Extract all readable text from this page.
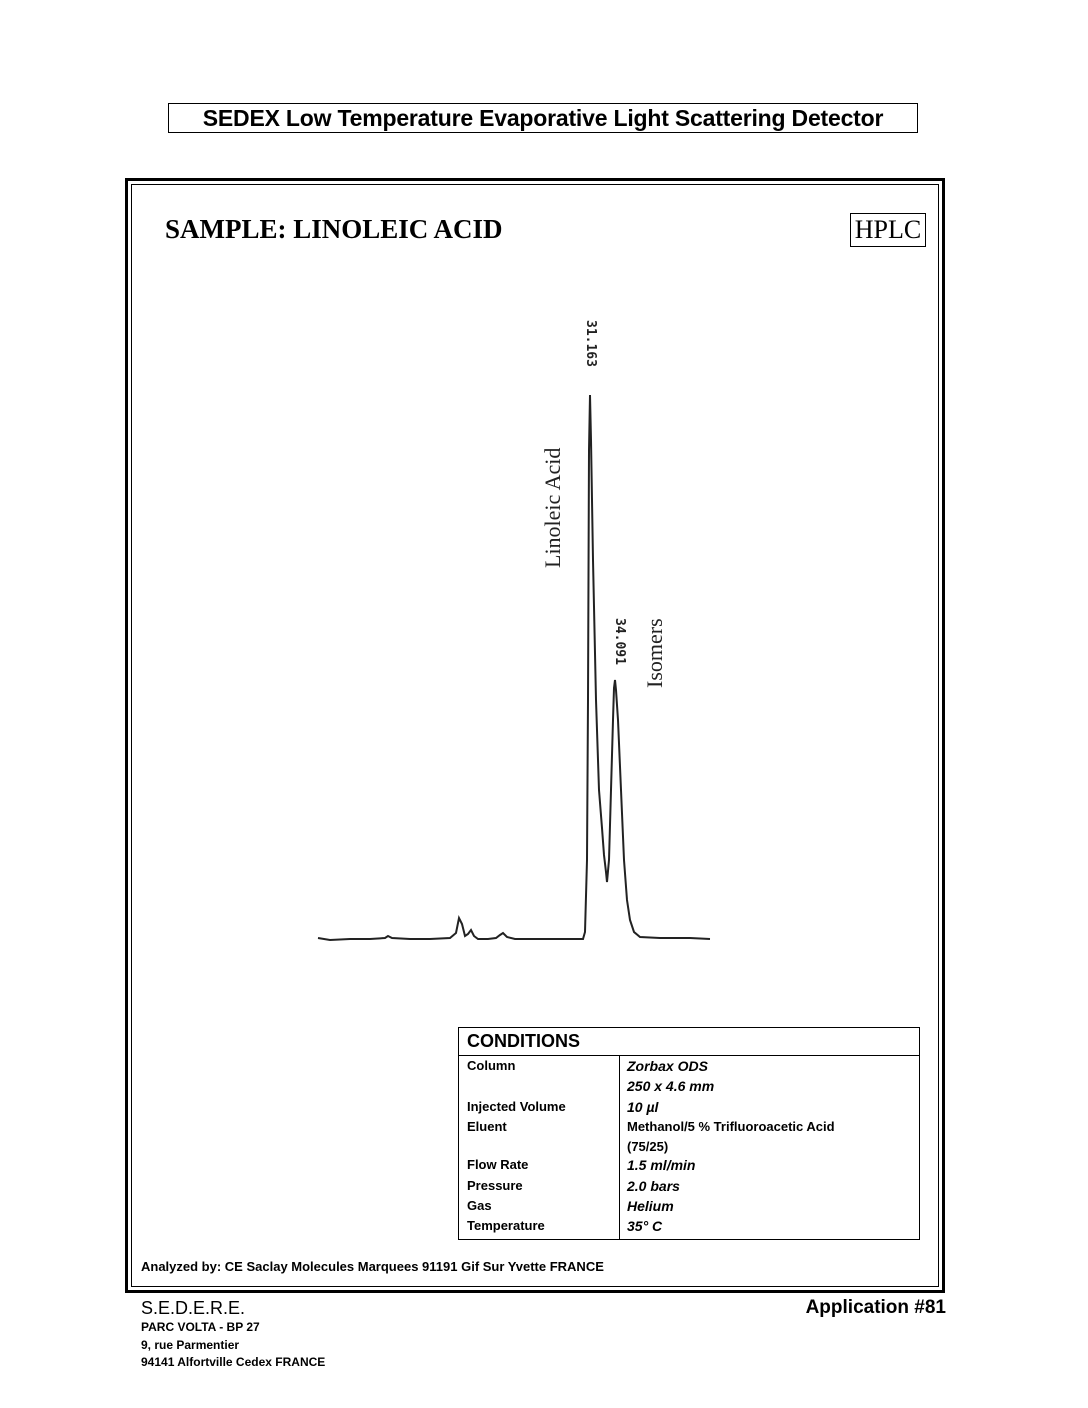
SEDEX Low Temperature Evaporative Light Scattering Detector
SAMPLE: LINOLEIC ACID	HPLC
Linoleic Acid
31.163
Isomers
34.091
CONDITIONS
Column	Zorbax ODS
250 x 4.6 mm
Injected Volume	10 µl
Eluent	Methanol/5 % Trifluoroacetic Acid
(75/25)
Flow Rate	1.5 ml/min
Pressure	2.0 bars
Gas	Helium
Temperature	35° C
Analyzed by: CE Saclay Molecules Marquees 91191 Gif Sur Yvette FRANCE
S.E.D.E.R.E.
PARC VOLTA - BP 27
9, rue Parmentier
94141 Alfortville Cedex FRANCE
Application #81
